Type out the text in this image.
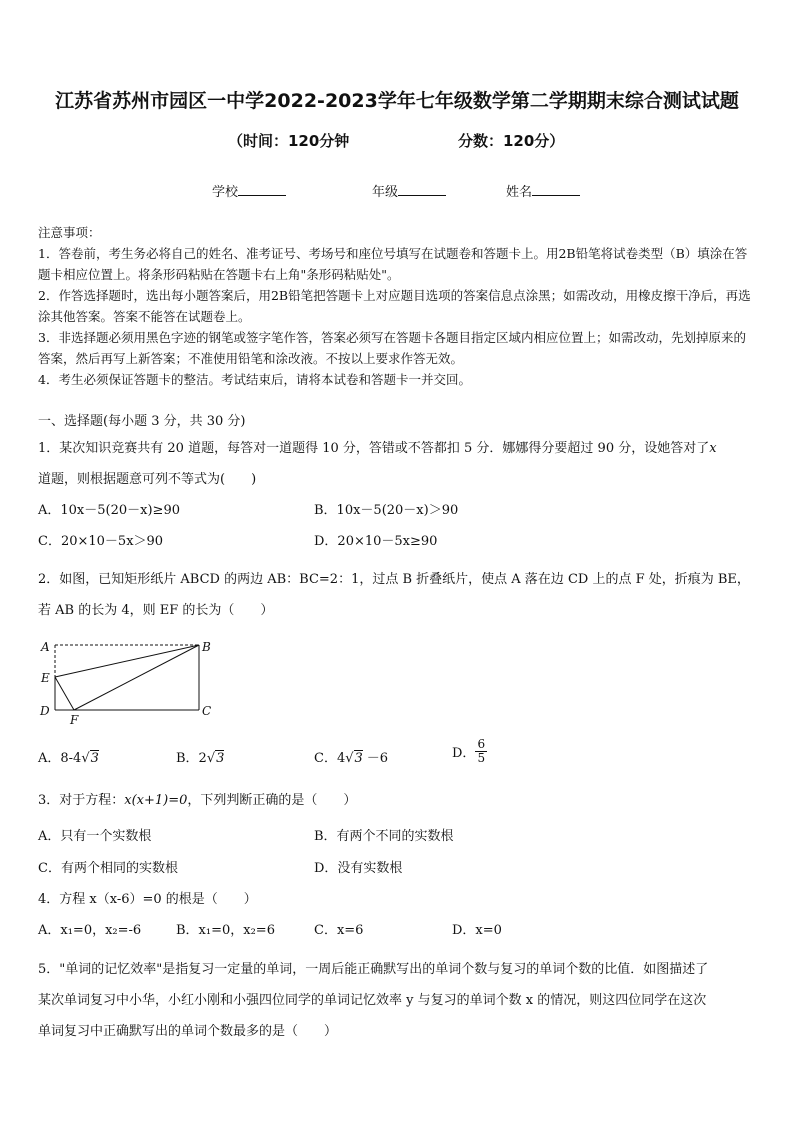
江苏省苏州市园区一中学2022-2023学年七年级数学第二学期期末综合测试试题
（时间：120分钟	分数：120分）
学校	年级	姓名
注意事项：
1．答卷前，考生务必将自己的姓名、准考证号、考场号和座位号填写在试题卷和答题卡上。用2B铅笔将试卷类型（B）填涂在答题卡相应位置上。将条形码粘贴在答题卡右上角"条形码粘贴处"。
2．作答选择题时，选出每小题答案后，用2B铅笔把答题卡上对应题目选项的答案信息点涂黑；如需改动，用橡皮擦干净后，再选涂其他答案。答案不能答在试题卷上。
3．非选择题必须用黑色字迹的钢笔或签字笔作答，答案必须写在答题卡各题目指定区域内相应位置上；如需改动，先划掉原来的答案，然后再写上新答案；不准使用铅笔和涂改液。不按以上要求作答无效。
4．考生必须保证答题卡的整洁。考试结束后，请将本试卷和答题卡一并交回。
一、选择题(每小题 3 分，共 30 分)
1．某次知识竞赛共有 20 道题，每答对一道题得 10 分，答错或不答都扣 5 分．娜娜得分要超过 90 分，设她答对了x
道题，则根据题意可列不等式为(　　)
A．10x－5(20－x)≥90	B．10x－5(20－x)＞90
C．20×10－5x＞90	D．20×10－5x≥90
2．如图，已知矩形纸片 ABCD 的两边 AB：BC=2：1，过点 B 折叠纸片，使点 A 落在边 CD 上的点 F 处，折痕为 BE，
若 AB 的长为 4，则 EF 的长为（　　）
A	B
C
D
E
F
A．8-4√3	B．2√3	C．4√3 －6	D． $\frac{6}{5}$
3．对于方程：x(x+1)=0，下列判断正确的是（　　）
A．只有一个实数根	B．有两个不同的实数根
C．有两个相同的实数根	D．没有实数根
4．方程 x（x-6）=0 的根是（　　）
A．x₁=0，x₂=-6	B．x₁=0，x₂=6	C．x=6	D．x=0
5．"单词的记忆效率"是指复习一定量的单词，一周后能正确默写出的单词个数与复习的单词个数的比值．如图描述了
某次单词复习中小华，小红小刚和小强四位同学的单词记忆效率 y 与复习的单词个数 x 的情况，则这四位同学在这次
单词复习中正确默写出的单词个数最多的是（　　）
